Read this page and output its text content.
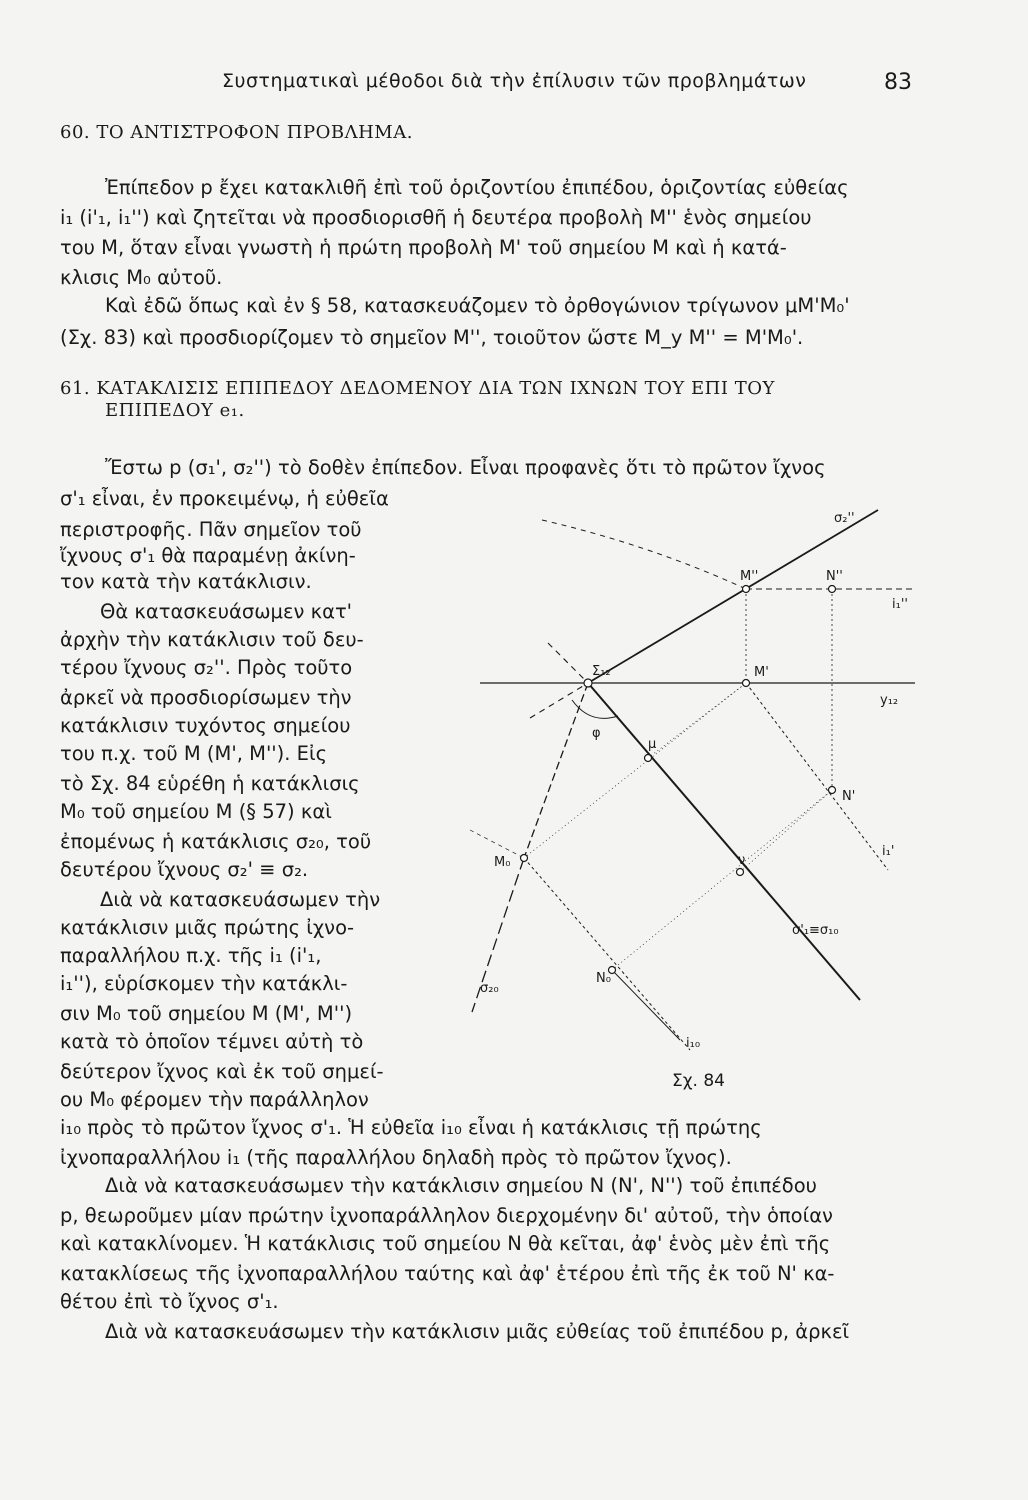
Συστηματικαὶ μέθοδοι διὰ τὴν ἐπίλυσιν τῶν προβλημάτων	83
60. ΤΟ ΑΝΤΙΣΤΡΟΦΟΝ ΠΡΟΒΛΗΜΑ.
Ἐπίπεδον p ἔχει κατακλιθῆ ἐπὶ τοῦ ὁριζοντίου ἐπιπέδου, ὁριζοντίας εὐθείας
i₁ (i'₁, i₁'') καὶ ζητεῖται νὰ προσδιορισθῆ ἡ δευτέρα προβολὴ M'' ἑνὸς σημείου
του M, ὅταν εἶναι γνωστὴ ἡ πρώτη προβολὴ M' τοῦ σημείου M καὶ ἡ κατά-
κλισις M₀ αὐτοῦ.
Καὶ ἐδῶ ὅπως καὶ ἐν § 58, κατασκευάζομεν τὸ ὀρθογώνιον τρίγωνον μM'M₀'
(Σχ. 83) καὶ προσδιορίζομεν τὸ σημεῖον M'', τοιοῦτον ὥστε M_y M'' = M'M₀'.
61. ΚΑΤΑΚΛΙΣΙΣ ΕΠΙΠΕΔΟΥ ΔΕΔΟΜΕΝΟΥ ΔΙΑ ΤΩΝ ΙΧΝΩΝ ΤΟΥ ΕΠΙ ΤΟΥ
ΕΠΙΠΕΔΟΥ e₁.
Ἔστω p (σ₁', σ₂'') τὸ δοθὲν ἐπίπεδον. Εἶναι προφανὲς ὅτι τὸ πρῶτον ἴχνος
σ'₁ εἶναι, ἐν προκειμένῳ, ἡ εὐθεῖα
περιστροφῆς. Πᾶν σημεῖον τοῦ
ἴχνους σ'₁ θὰ παραμένῃ ἀκίνη-
τον κατὰ τὴν κατάκλισιν.
Θὰ κατασκευάσωμεν κατ'
ἀρχὴν τὴν κατάκλισιν τοῦ δευ-
τέρου ἴχνους σ₂''. Πρὸς τοῦτο
ἀρκεῖ νὰ προσδιορίσωμεν τὴν
κατάκλισιν τυχόντος σημείου
του π.χ. τοῦ M (M', M''). Εἰς
τὸ Σχ. 84 εὑρέθη ἡ κατάκλισις
M₀ τοῦ σημείου M (§ 57) καὶ
ἐπομένως ἡ κατάκλισις σ₂₀, τοῦ
δευτέρου ἴχνους σ₂' ≡ σ₂.
Διὰ νὰ κατασκευάσωμεν τὴν
κατάκλισιν μιᾶς πρώτης ἰχνο-
παραλλήλου π.χ. τῆς i₁ (i'₁,
i₁''), εὑρίσκομεν τὴν κατάκλι-
σιν M₀ τοῦ σημείου M (M', M'')
κατὰ τὸ ὁποῖον τέμνει αὐτὴ τὸ
δεύτερον ἴχνος καὶ ἐκ τοῦ σημεί-
ου M₀ φέρομεν τὴν παράλληλον
i₁₀ πρὸς τὸ πρῶτον ἴχνος σ'₁. Ἡ εὐθεῖα i₁₀ εἶναι ἡ κατάκλισις τῇ πρώτης
ἰχνοπαραλλήλου i₁ (τῆς παραλλήλου δηλαδὴ πρὸς τὸ πρῶτον ἴχνος).
Διὰ νὰ κατασκευάσωμεν τὴν κατάκλισιν σημείου N (N', N'') τοῦ ἐπιπέδου
p, θεωροῦμεν μίαν πρώτην ἰχνοπαράλληλον διερχομένην δι' αὐτοῦ, τὴν ὁποίαν
καὶ κατακλίνομεν. Ἡ κατάκλισις τοῦ σημείου N θὰ κεῖται, ἀφ' ἑνὸς μὲν ἐπὶ τῆς
κατακλίσεως τῆς ἰχνοπαραλλήλου ταύτης καὶ ἀφ' ἑτέρου ἐπὶ τῆς ἐκ τοῦ N' κα-
θέτου ἐπὶ τὸ ἴχνος σ'₁.
Διὰ νὰ κατασκευάσωμεν τὴν κατάκλισιν μιᾶς εὐθείας τοῦ ἐπιπέδου p, ἀρκεῖ
σ₂''
M''	N''
i₁''
Σ₁₂	M'
y₁₂
φ
μ
N'
i₁'
M₀	ν
σ'₁≡σ₁₀
N₀
σ₂₀
i₁₀
Σχ. 84
